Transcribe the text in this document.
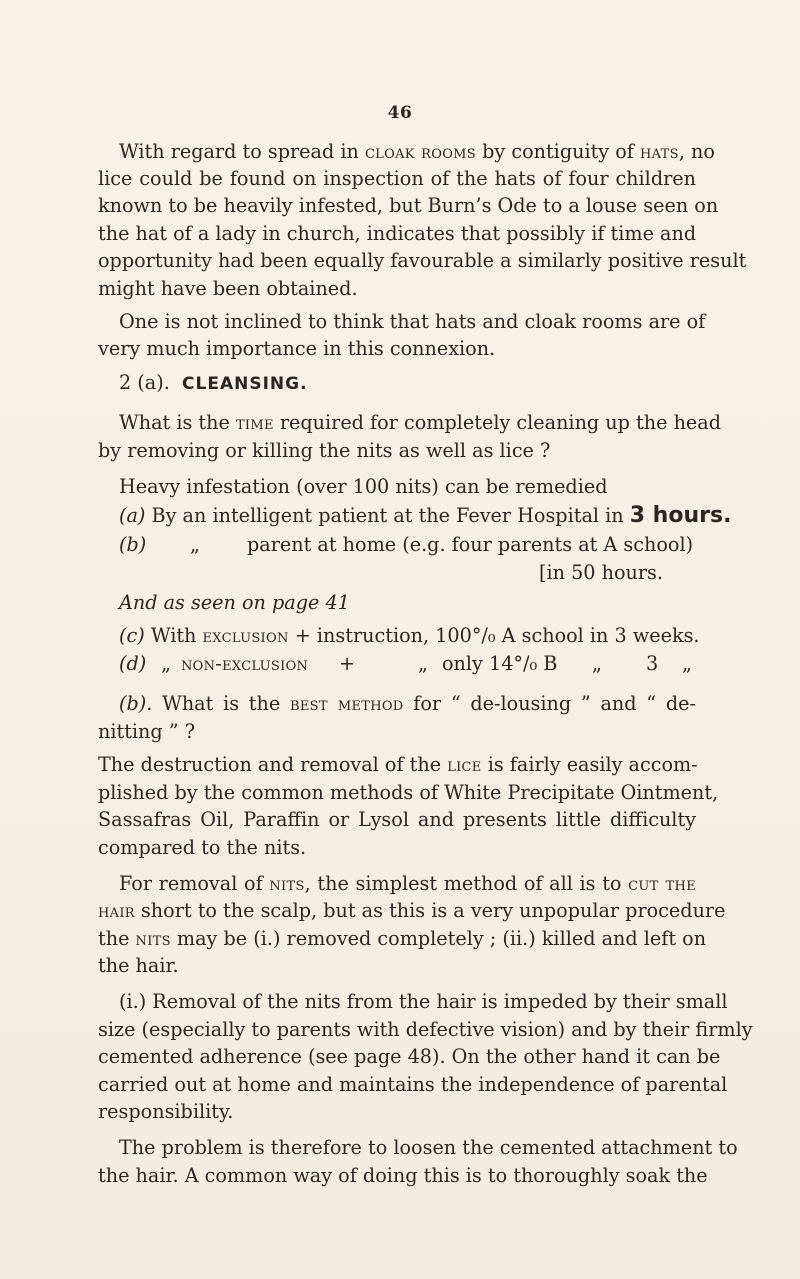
46
With regard to spread in cloak rooms by contiguity of hats, no
lice could be found on inspection of the hats of four children
known to be heavily infested, but Burn’s Ode to a louse seen on
the hat of a lady in church, indicates that possibly if time and
opportunity had been equally favourable a similarly positive result
might have been obtained.
One is not inclined to think that hats and cloak rooms are of
very much importance in this connexion.
2 (a). CLEANSING.
What is the time required for completely cleaning up the head
by removing or killing the nits as well as lice ?
Heavy infestation (over 100 nits) can be remedied
(a) By an intelligent patient at the Fever Hospital in 3 hours.
(b) „ parent at home (e.g. four parents at A school)
[in 50 hours.
And as seen on page 41
(c) With exclusion + instruction, 100°/₀ A school in 3 weeks.
(d) „ non-exclusion +	„ only 14°/₀ B „ 3 „
(b). What is the best method for “ de-lousing ” and “ de-
nitting ” ?
The destruction and removal of the lice is fairly easily accom-
plished by the common methods of White Precipitate Ointment,
Sassafras Oil, Paraffin or Lysol and presents little difficulty
compared to the nits.
For removal of nits, the simplest method of all is to cut the
hair short to the scalp, but as this is a very unpopular procedure
the nits may be (i.) removed completely ; (ii.) killed and left on
the hair.
(i.) Removal of the nits from the hair is impeded by their small
size (especially to parents with defective vision) and by their firmly
cemented adherence (see page 48). On the other hand it can be
carried out at home and maintains the independence of parental
responsibility.
The problem is therefore to loosen the cemented attachment to
the hair. A common way of doing this is to thoroughly soak the
